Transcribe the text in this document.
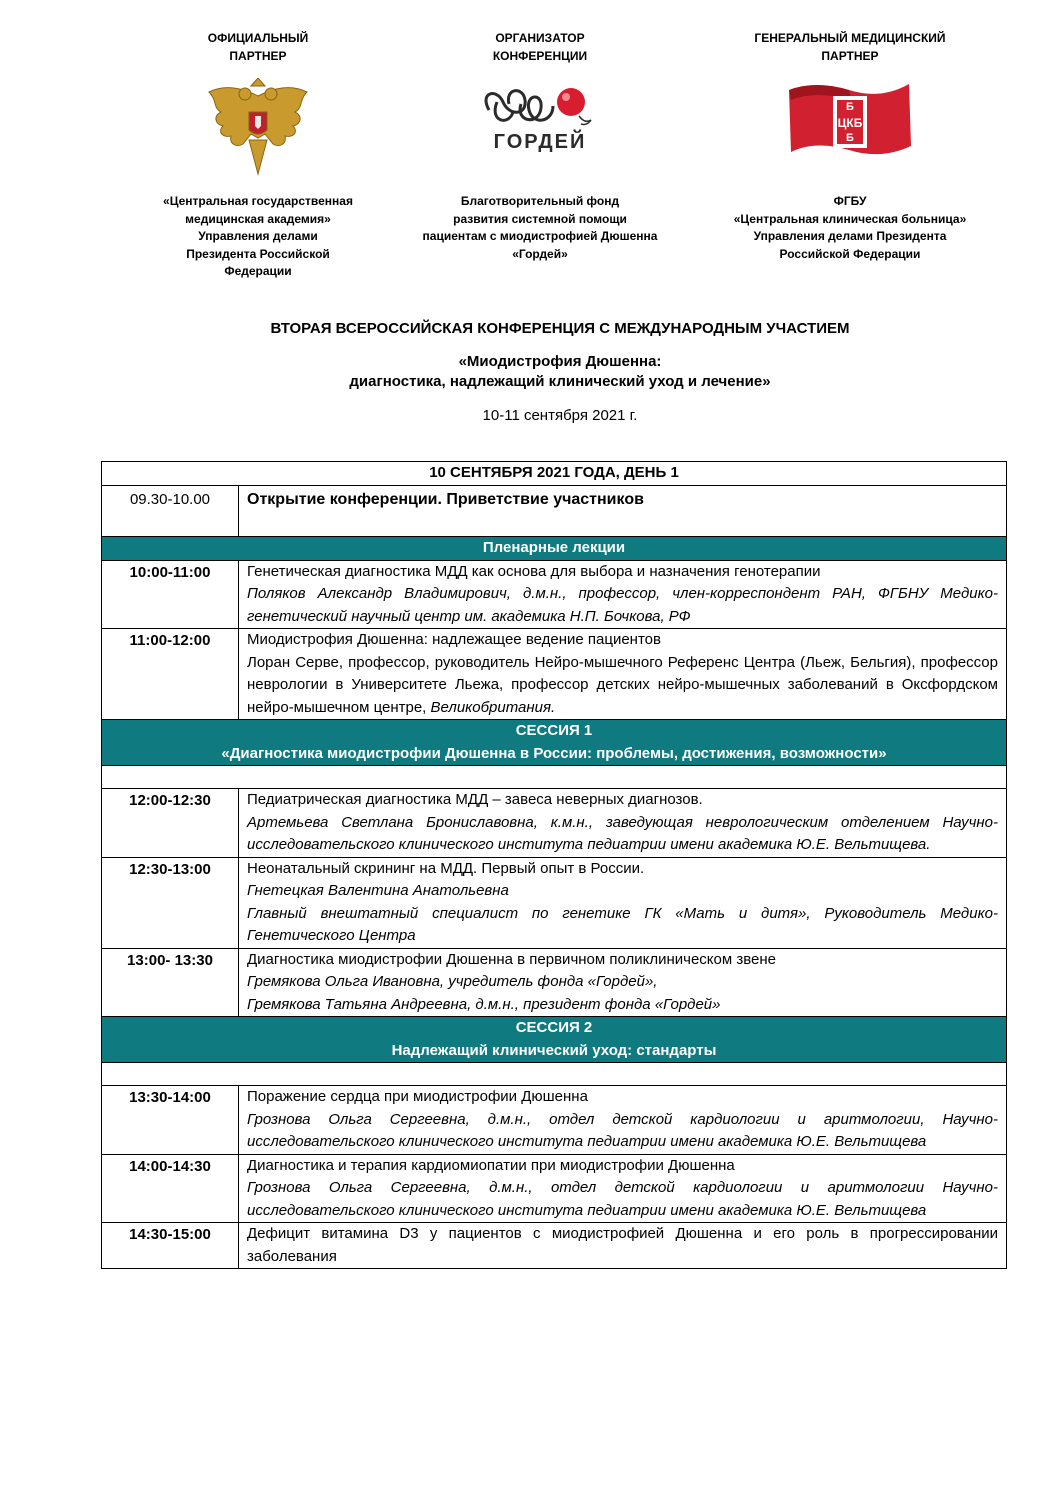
ОФИЦИАЛЬНЫЙ
ПАРТНЕР
«Центральная государственная
медицинская академия»
Управления делами
Президента Российской
Федерации
ОРГАНИЗАТОР
КОНФЕРЕНЦИИ
ГОРДЕЙ
Благотворительный фонд
развития системной помощи
пациентам с миодистрофией Дюшенна
«Гордей»
ГЕНЕРАЛЬНЫЙ МЕДИЦИНСКИЙ
ПАРТНЕР
Б
ЦКБ
Б
ФГБУ
«Центральная клиническая больница»
Управления делами Президента
Российской Федерации
ВТОРАЯ ВСЕРОССИЙСКАЯ КОНФЕРЕНЦИЯ С МЕЖДУНАРОДНЫМ УЧАСТИЕМ
«Миодистрофия Дюшенна:
диагностика, надлежащий клинический уход и лечение»
10-11 сентября 2021 г.
10 СЕНТЯБРЯ 2021 ГОДА, ДЕНЬ 1	
09.30-10.00	Открытие конференции. Приветствие участников
Пленарные лекции	
10:00-11:00	Генетическая диагностика МДД как основа для выбора и назначения генотерапии
Поляков Александр Владимирович, д.м.н., профессор, член-корреспондент РАН, ФГБНУ Медико-генетический научный центр им. академика Н.П. Бочкова, РФ

11:00-12:00	Миодистрофия Дюшенна: надлежащее ведение пациентов
Лоран Серве, профессор, руководитель Нейро-мышечного Референс Центра (Льеж, Бельгия), профессор неврологии в Университете Льежа, профессор детских нейро-мышечных заболеваний в Оксфордском нейро-мышечном центре, Великобритания.

СЕССИЯ 1
«Диагностика миодистрофии Дюшенна в России: проблемы, достижения, возможности»	

12:00-12:30	Педиатрическая диагностика МДД – завеса неверных диагнозов.
Артемьева Светлана Брониславовна, к.м.н., заведующая неврологическим отделением Научно-исследовательского клинического института педиатрии имени академика Ю.Е. Вельтищева.

12:30-13:00	Неонатальный скрининг на МДД. Первый опыт в России.
Гнетецкая Валентина Анатольевна
Главный внештатный специалист по генетике ГК «Мать и дитя», Руководитель Медико-Генетического Центра

13:00- 13:30	Диагностика миодистрофии Дюшенна в первичном поликлиническом звене
Гремякова Ольга Ивановна, учредитель фонда «Гордей»,
Гремякова Татьяна Андреевна, д.м.н., президент фонда «Гордей»

СЕССИЯ 2
Надлежащий клинический уход: стандарты	

13:30-14:00	Поражение сердца при миодистрофии Дюшенна
Грознова Ольга Сергеевна, д.м.н., отдел детской кардиологии и аритмологии, Научно-исследовательского клинического института педиатрии имени академика Ю.Е. Вельтищева

14:00-14:30	Диагностика и терапия кардиомиопатии при миодистрофии Дюшенна
Грознова Ольга Сергеевна, д.м.н., отдел детской кардиологии и аритмологии Научно-исследовательского клинического института педиатрии имени академика Ю.Е. Вельтищева

14:30-15:00	Дефицит витамина D3 у пациентов с миодистрофией Дюшенна и его роль в прогрессировании заболевания
